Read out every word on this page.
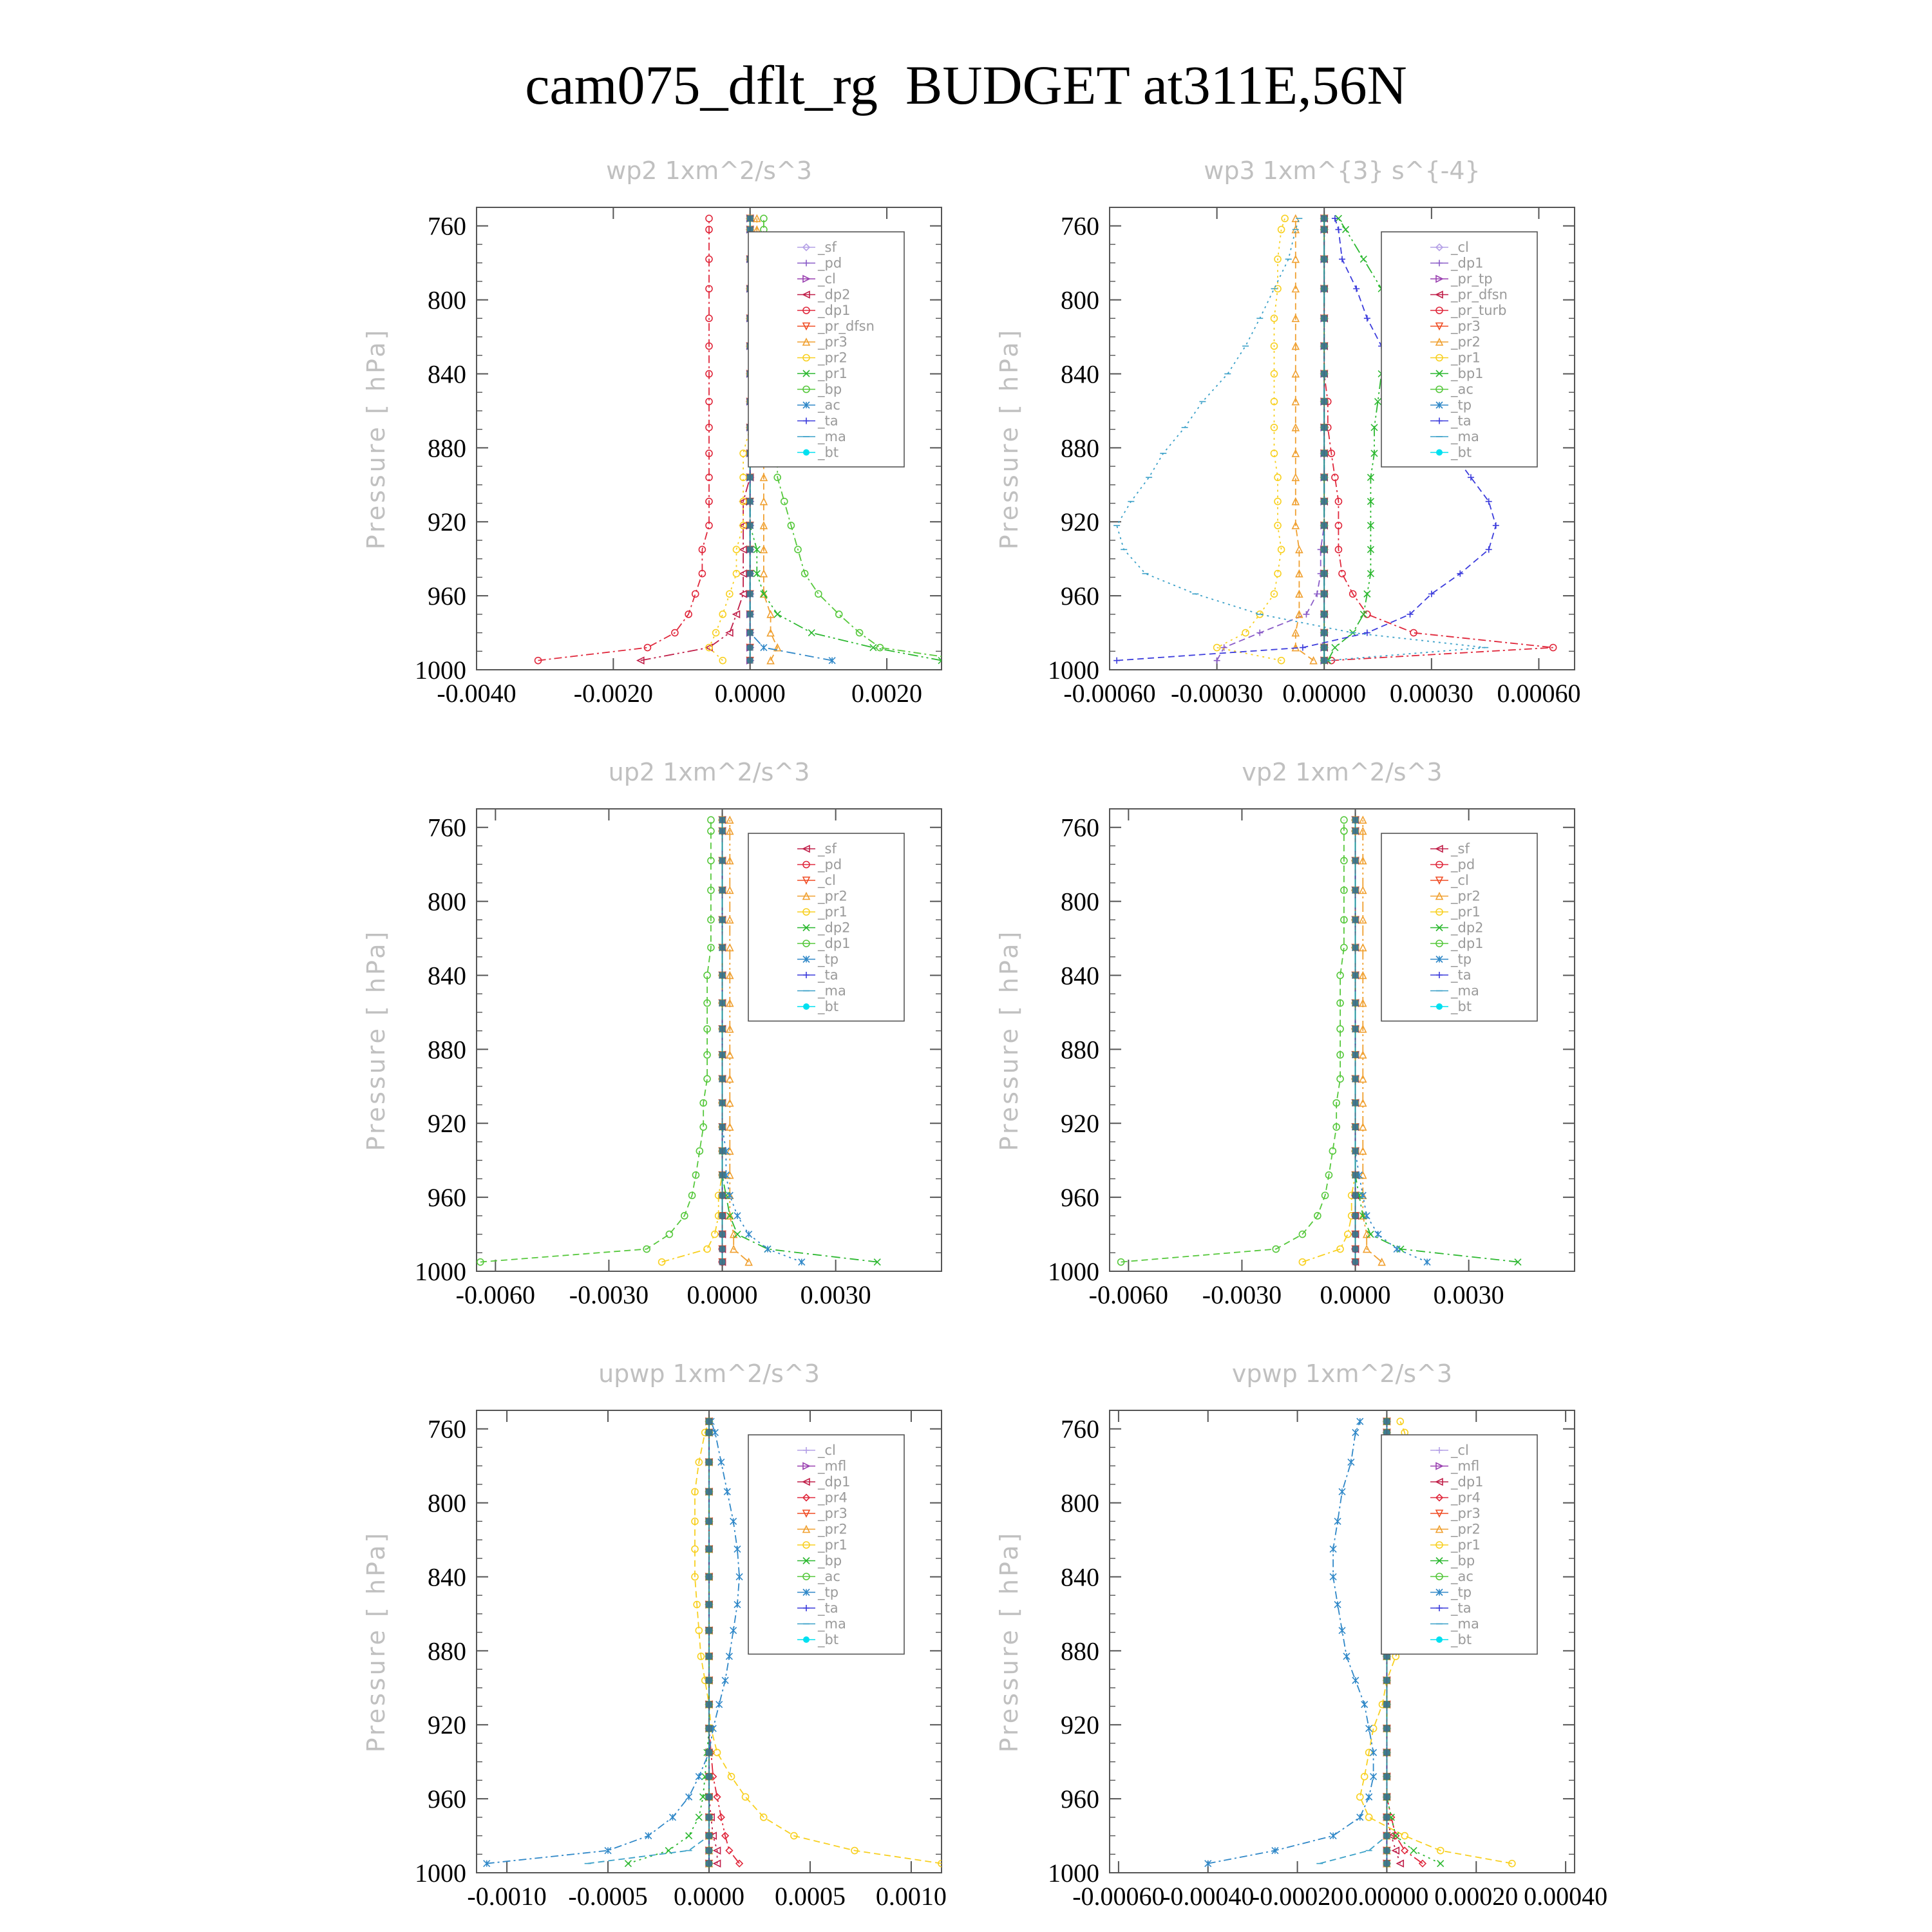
cam075_dflt_rg  BUDGET at311E,56N
wp2 1xm^2/s^3
Pressure [ hPa]
760
800
840
880
920
960
1000
-0.0040 -0.0020 0.0000	0.0020
_sf
_pd
_cl
_dp2
_dp1
_pr_dfsn
_pr3
_pr2
_pr1
_bp
_ac
_ta
_ma
_bt
wp3 1xm^{3} s^{-4}
Pressure [ hPa]
760
800
840
880
920
960
1000
-0.00060 -0.00030 0.00000 0.00030 0.00060
_cl
_dp1
_pr_tp
_pr_dfsn
_pr_turb
_pr3
_pr2
_pr1
_bp1
_ac
_tp
_ta
_ma
_bt
up2 1xm^2/s^3
Pressure [ hPa]
760
800
840
880
920
960
1000
-0.0060 -0.0030 0.0000 0.0030
_sf
_pd
_cl
_pr2
_pr1
_dp2
_dp1
_tp
_ta
_ma
_bt
vp2 1xm^2/s^3
Pressure [ hPa]
760
800
840
880
920
960
1000
-0.0060 -0.0030 0.0000 0.0030
_sf
_pd
_cl
_pr2
_pr1
_dp2
_dp1
_tp
_ta
_ma
_bt
upwp 1xm^2/s^3
Pressure [ hPa]
760
800
840
880
920
960
1000
-0.0010 -0.0005 0.0000 0.0005 0.0010
_cl
_mfl
_dp1
_pr4
_pr3
_pr2
_pr1
_bp
_ac
_tp
_ta
_ma
_bt
vpwp 1xm^2/s^3
Pressure [ hPa]
760
800
840
880
920
960
1000
-0.00060
-0.00040
-0.00020 0.00000 0.00020 0.00040
_cl
_mfl
_dp1
_pr4
_pr3
_pr2
_pr1
_bp
_ac
_tp
_ta
_ma
_bt
